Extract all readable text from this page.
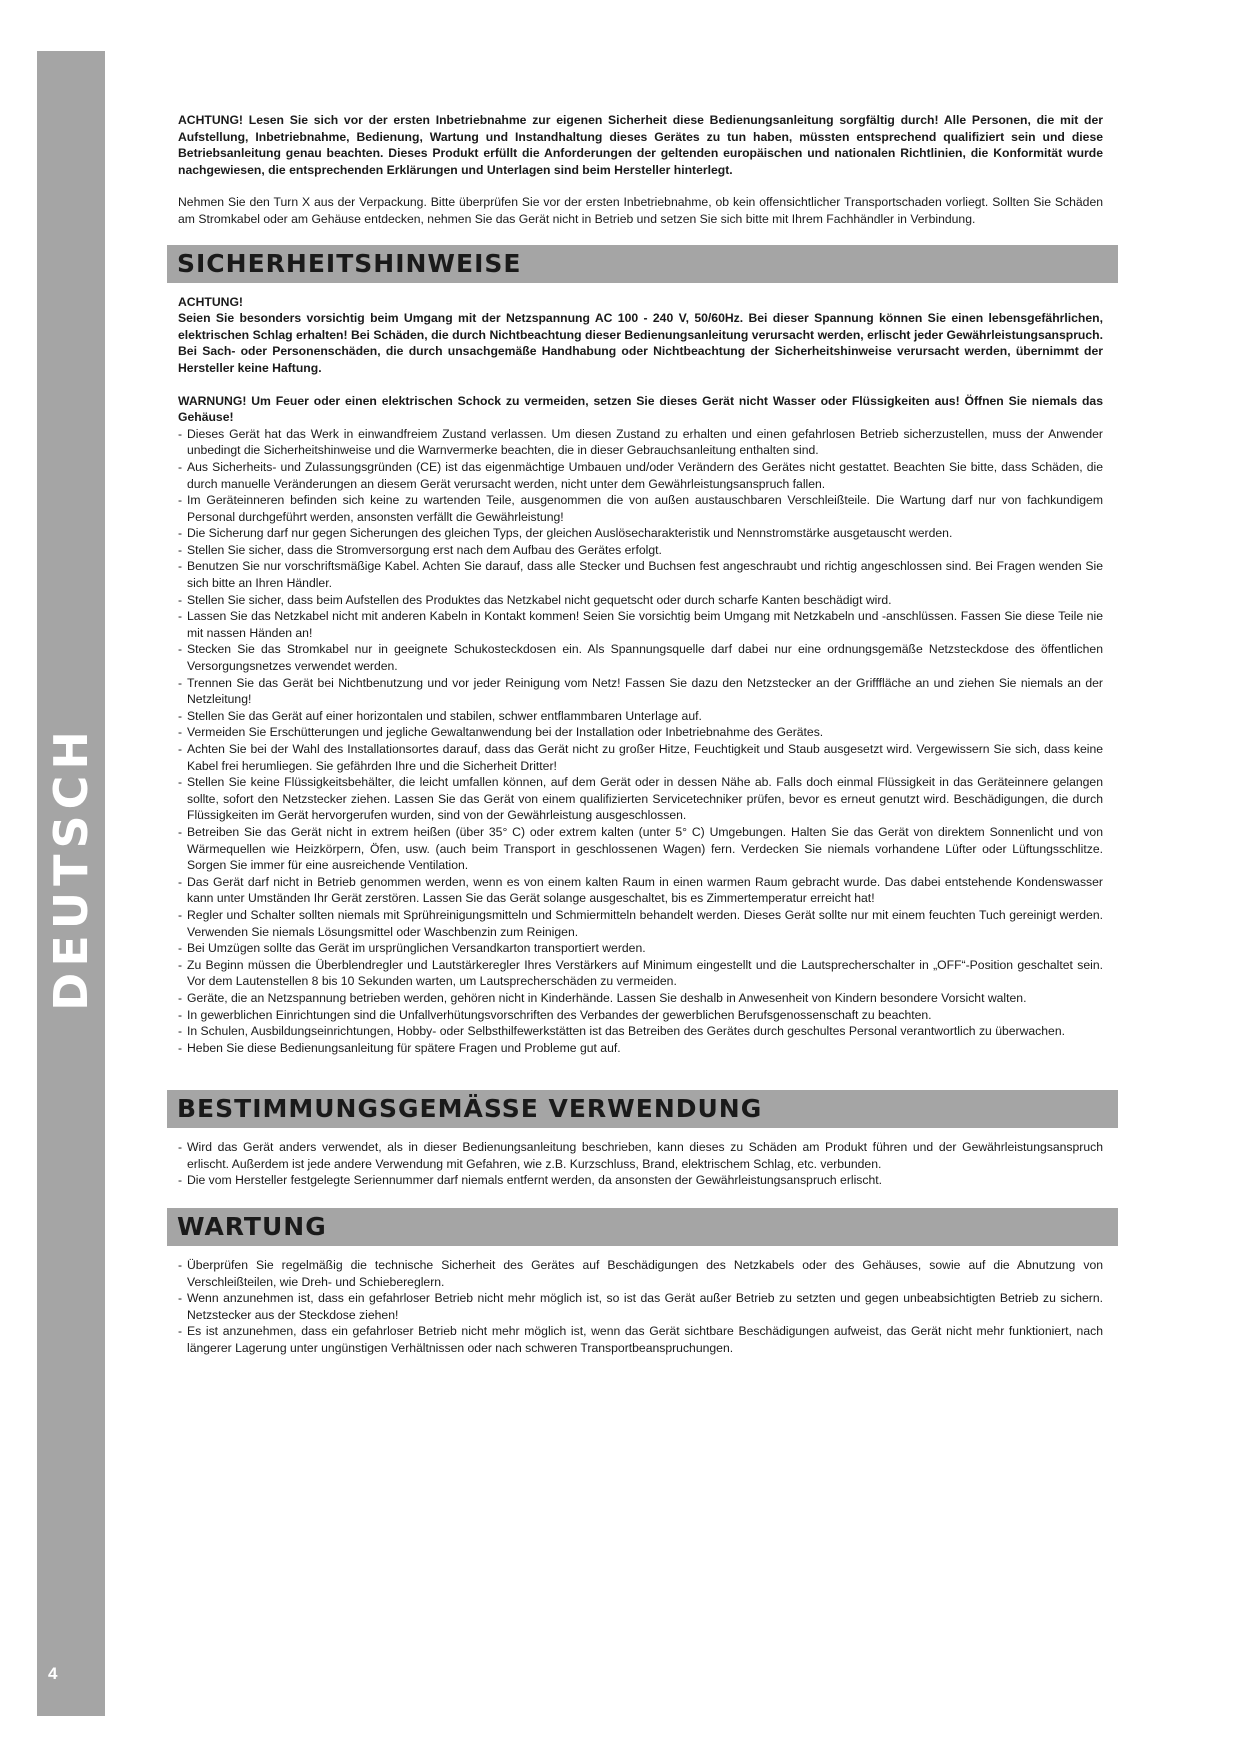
DEUTSCH
4

ACHTUNG! Lesen Sie sich vor der ersten Inbetriebnahme zur eigenen Sicherheit diese Bedienungsanleitung sorgfältig durch! Alle Personen, die mit der Aufstellung, Inbetriebnahme, Bedienung, Wartung und Instandhaltung dieses Gerätes zu tun haben, müssten entsprechend qualifiziert sein und diese Betriebsanleitung genau beachten. Dieses Produkt erfüllt die Anforderungen der geltenden europäischen und nationalen Richtlinien, die Konformität wurde nachgewiesen, die entsprechenden Erklärungen und Unterlagen sind beim Hersteller hinterlegt.

Nehmen Sie den Turn X aus der Verpackung. Bitte überprüfen Sie vor der ersten Inbetriebnahme, ob kein offensichtlicher Transportschaden vorliegt. Sollten Sie Schäden am Stromkabel oder am Gehäuse entdecken, nehmen Sie das Gerät nicht in Betrieb und setzen Sie sich bitte mit Ihrem Fachhändler in Verbindung.

SICHERHEITSHINWEISE

ACHTUNG!

Seien Sie besonders vorsichtig beim Umgang mit der Netzspannung AC 100 - 240 V, 50/60Hz. Bei dieser Spannung können Sie einen lebensgefährlichen, elektrischen Schlag erhalten! Bei Schäden, die durch Nichtbeachtung dieser Bedienungsanleitung verursacht werden, erlischt jeder Gewährleistungsanspruch. Bei Sach- oder Personenschäden, die durch unsachgemäße Handhabung oder Nichtbeachtung der Sicherheitshinweise verursacht werden, übernimmt der Hersteller keine Haftung.

WARNUNG! Um Feuer oder einen elektrischen Schock zu vermeiden, setzen Sie dieses Gerät nicht Wasser oder Flüssigkeiten aus! Öffnen Sie niemals das Gehäuse!

- Dieses Gerät hat das Werk in einwandfreiem Zustand verlassen. Um diesen Zustand zu erhalten und einen gefahrlosen Betrieb sicherzustellen, muss der Anwender unbedingt die Sicherheitshinweise und die Warnvermerke beachten, die in dieser Gebrauchsanleitung enthalten sind.
- Aus Sicherheits- und Zulassungsgründen (CE) ist das eigenmächtige Umbauen und/oder Verändern des Gerätes nicht gestattet. Beachten Sie bitte, dass Schäden, die durch manuelle Veränderungen an diesem Gerät verursacht werden, nicht unter dem Gewährleistungsanspruch fallen.
- Im Geräteinneren befinden sich keine zu wartenden Teile, ausgenommen die von außen austauschbaren Verschleißteile. Die Wartung darf nur von fachkundigem Personal durchgeführt werden, ansonsten verfällt die Gewährleistung!
- Die Sicherung darf nur gegen Sicherungen des gleichen Typs, der gleichen Auslösecharakteristik und Nennstromstärke ausgetauscht werden.
- Stellen Sie sicher, dass die Stromversorgung erst nach dem Aufbau des Gerätes erfolgt.
- Benutzen Sie nur vorschriftsmäßige Kabel. Achten Sie darauf, dass alle Stecker und Buchsen fest angeschraubt und richtig angeschlossen sind. Bei Fragen wenden Sie sich bitte an Ihren Händler.
- Stellen Sie sicher, dass beim Aufstellen des Produktes das Netzkabel nicht gequetscht oder durch scharfe Kanten beschädigt wird.
- Lassen Sie das Netzkabel nicht mit anderen Kabeln in Kontakt kommen! Seien Sie vorsichtig beim Umgang mit Netzkabeln und -anschlüssen. Fassen Sie diese Teile nie mit nassen Händen an!
- Stecken Sie das Stromkabel nur in geeignete Schukosteckdosen ein. Als Spannungsquelle darf dabei nur eine ordnungsgemäße Netzsteckdose des öffentlichen Versorgungsnetzes verwendet werden.
- Trennen Sie das Gerät bei Nichtbenutzung und vor jeder Reinigung vom Netz! Fassen Sie dazu den Netzstecker an der Grifffläche an und ziehen Sie niemals an der Netzleitung!
- Stellen Sie das Gerät auf einer horizontalen und stabilen, schwer entflammbaren Unterlage auf.
- Vermeiden Sie Erschütterungen und jegliche Gewaltanwendung bei der Installation oder Inbetriebnahme des Gerätes.
- Achten Sie bei der Wahl des Installationsortes darauf, dass das Gerät nicht zu großer Hitze, Feuchtigkeit und Staub ausgesetzt wird. Vergewissern Sie sich, dass keine Kabel frei herumliegen. Sie gefährden Ihre und die Sicherheit Dritter!
- Stellen Sie keine Flüssigkeitsbehälter, die leicht umfallen können, auf dem Gerät oder in dessen Nähe ab. Falls doch einmal Flüssigkeit in das Geräteinnere gelangen sollte, sofort den Netzstecker ziehen. Lassen Sie das Gerät von einem qualifizierten Servicetechniker prüfen, bevor es erneut genutzt wird. Beschädigungen, die durch Flüssigkeiten im Gerät hervorgerufen wurden, sind von der Gewährleistung ausgeschlossen.
- Betreiben Sie das Gerät nicht in extrem heißen (über 35° C) oder extrem kalten (unter 5° C) Umgebungen. Halten Sie das Gerät von direktem Sonnenlicht und von Wärmequellen wie Heizkörpern, Öfen, usw. (auch beim Transport in geschlossenen Wagen) fern. Verdecken Sie niemals vorhandene Lüfter oder Lüftungsschlitze. Sorgen Sie immer für eine ausreichende Ventilation.
- Das Gerät darf nicht in Betrieb genommen werden, wenn es von einem kalten Raum in einen warmen Raum gebracht wurde. Das dabei entstehende Kondenswasser kann unter Umständen Ihr Gerät zerstören. Lassen Sie das Gerät solange ausgeschaltet, bis es Zimmertemperatur erreicht hat!
- Regler und Schalter sollten niemals mit Sprühreinigungsmitteln und Schmiermitteln behandelt werden. Dieses Gerät sollte nur mit einem feuchten Tuch gereinigt werden. Verwenden Sie niemals Lösungsmittel oder Waschbenzin zum Reinigen.
- Bei Umzügen sollte das Gerät im ursprünglichen Versandkarton transportiert werden.
- Zu Beginn müssen die Überblendregler und Lautstärkeregler Ihres Verstärkers auf Minimum eingestellt und die Lautsprecherschalter in „OFF“-Position geschaltet sein. Vor dem Lautenstellen 8 bis 10 Sekunden warten, um Lautsprecherschäden zu vermeiden.
- Geräte, die an Netzspannung betrieben werden, gehören nicht in Kinderhände. Lassen Sie deshalb in Anwesenheit von Kindern besondere Vorsicht walten.
- In gewerblichen Einrichtungen sind die Unfallverhütungsvorschriften des Verbandes der gewerblichen Berufsgenossenschaft zu beachten.
- In Schulen, Ausbildungseinrichtungen, Hobby- oder Selbsthilfewerkstätten ist das Betreiben des Gerätes durch geschultes Personal verantwortlich zu überwachen.
- Heben Sie diese Bedienungsanleitung für spätere Fragen und Probleme gut auf.
BESTIMMUNGSGEMÄSSE VERWENDUNG
- Wird das Gerät anders verwendet, als in dieser Bedienungsanleitung beschrieben, kann dieses zu Schäden am Produkt führen und der Gewährleistungsanspruch erlischt. Außerdem ist jede andere Verwendung mit Gefahren, wie z.B. Kurzschluss, Brand, elektrischem Schlag, etc. verbunden.
- Die vom Hersteller festgelegte Seriennummer darf niemals entfernt werden, da ansonsten der Gewährleistungsanspruch erlischt.
WARTUNG
- Überprüfen Sie regelmäßig die technische Sicherheit des Gerätes auf Beschädigungen des Netzkabels oder des Gehäuses, sowie auf die Abnutzung von Verschleißteilen, wie Dreh- und Schiebereglern.
- Wenn anzunehmen ist, dass ein gefahrloser Betrieb nicht mehr möglich ist, so ist das Gerät außer Betrieb zu setzten und gegen unbeabsichtigten Betrieb zu sichern. Netzstecker aus der Steckdose ziehen!
- Es ist anzunehmen, dass ein gefahrloser Betrieb nicht mehr möglich ist, wenn das Gerät sichtbare Beschädigungen aufweist, das Gerät nicht mehr funktioniert, nach längerer Lagerung unter ungünstigen Verhältnissen oder nach schweren Transportbeanspruchungen.
